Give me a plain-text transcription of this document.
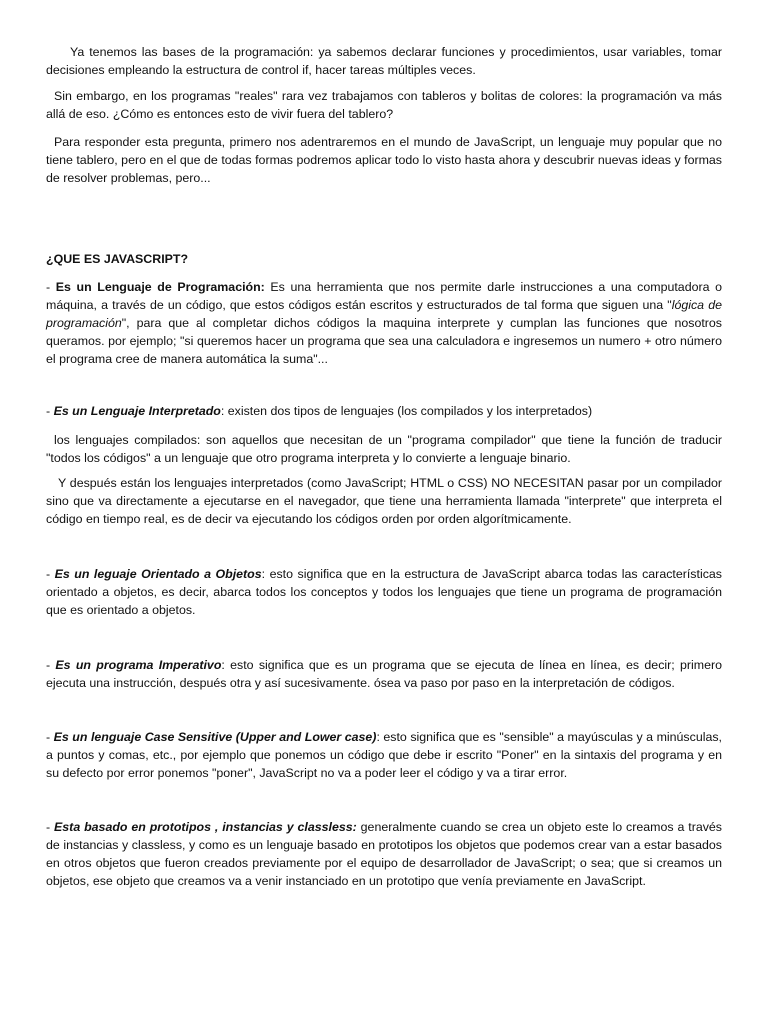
Ya tenemos las bases de la programación: ya sabemos declarar funciones y procedimientos, usar variables, tomar decisiones empleando la estructura de control if, hacer tareas múltiples veces.

Sin embargo, en los programas "reales" rara vez trabajamos con tableros y bolitas de colores: la programación va más allá de eso. ¿Cómo es entonces esto de vivir fuera del tablero?

Para responder esta pregunta, primero nos adentraremos en el mundo de JavaScript, un lenguaje muy popular que no tiene tablero, pero en el que de todas formas podremos aplicar todo lo visto hasta ahora y descubrir nuevas ideas y formas de resolver problemas, pero...

¿QUE ES JAVASCRIPT?

- Es un Lenguaje de Programación: Es una herramienta que nos permite darle instrucciones a una computadora o máquina, a través de un código, que estos códigos están escritos y estructurados de tal forma que siguen una "lógica de programación", para que al completar dichos códigos la maquina interprete y cumplan las funciones que nosotros queramos. por ejemplo; "si queremos hacer un programa que sea una calculadora e ingresemos un numero + otro número el programa cree de manera automática la suma"...

- Es un Lenguaje Interpretado: existen dos tipos de lenguajes (los compilados y los interpretados)

los lenguajes compilados: son aquellos que necesitan de un "programa compilador" que tiene la función de traducir "todos los códigos" a un lenguaje que otro programa interpreta y lo convierte a lenguaje binario.

Y después están los lenguajes interpretados (como JavaScript; HTML o CSS) NO NECESITAN pasar por un compilador sino que va directamente a ejecutarse en el navegador, que tiene una herramienta llamada "interprete" que interpreta el código en tiempo real, es de decir va ejecutando los códigos orden por orden algorítmicamente.

- Es un leguaje Orientado a Objetos: esto significa que en la estructura de JavaScript abarca todas las características orientado a objetos, es decir, abarca todos los conceptos y todos los lenguajes que tiene un programa de programación que es orientado a objetos.

- Es un programa Imperativo: esto significa que es un programa que se ejecuta de línea en línea, es decir; primero ejecuta una instrucción, después otra y así sucesivamente. ósea va paso por paso en la interpretación de códigos.

- Es un lenguaje Case Sensitive (Upper and Lower case): esto significa que es "sensible" a mayúsculas y a minúsculas, a puntos y comas, etc., por ejemplo que ponemos un código que debe ir escrito "Poner" en la sintaxis del programa y en su defecto por error ponemos "poner", JavaScript no va a poder leer el código y va a tirar error.

- Esta basado en prototipos , instancias y classless: generalmente cuando se crea un objeto este lo creamos a través de instancias y classless, y como es un lenguaje basado en prototipos los objetos que podemos crear van a estar basados en otros objetos que fueron creados previamente por el equipo de desarrollador de JavaScript; o sea; que si creamos un objetos, ese objeto que creamos va a venir instanciado en un prototipo que venía previamente en JavaScript.
